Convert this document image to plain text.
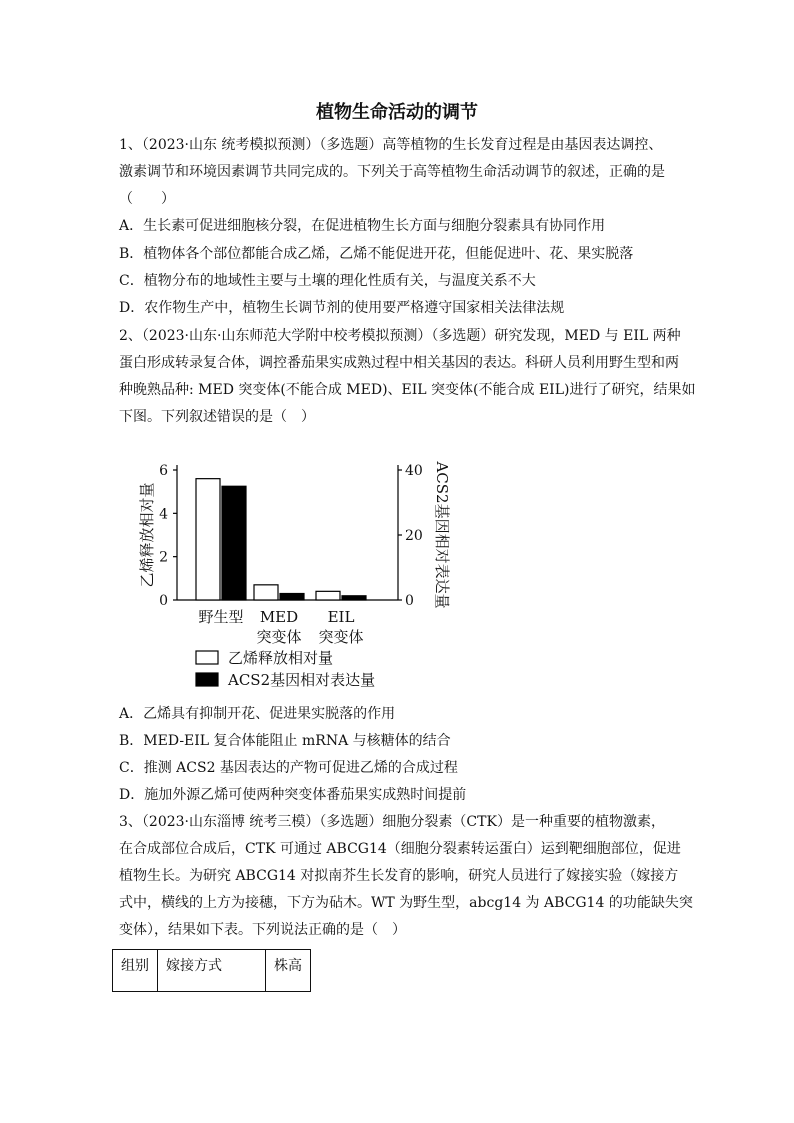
植物生命活动的调节
1、（2023·山东 统考模拟预测）（多选题）高等植物的生长发育过程是由基因表达调控、
激素调节和环境因素调节共同完成的。下列关于高等植物生命活动调节的叙述，正确的是
（　　）
A．生长素可促进细胞核分裂，在促进植物生长方面与细胞分裂素具有协同作用
B．植物体各个部位都能合成乙烯，乙烯不能促进开花，但能促进叶、花、果实脱落
C．植物分布的地域性主要与土壤的理化性质有关，与温度关系不大
D．农作物生产中，植物生长调节剂的使用要严格遵守国家相关法律法规
2、（2023·山东·山东师范大学附中校考模拟预测）（多选题）研究发现，MED 与 EIL 两种
蛋白形成转录复合体，调控番茄果实成熟过程中相关基因的表达。科研人员利用野生型和两
种晚熟品种: MED 突变体(不能合成 MED)、EIL 突变体(不能合成 EIL)进行了研究，结果如
下图。下列叙述错误的是（　）
0
2
4
6
0
20
40
野生型 MED
突变体
EIL
突变体
乙烯释放相对量	ACS2基因相对表达量
乙烯释放相对量
ACS2基因相对表达量
A．乙烯具有抑制开花、促进果实脱落的作用
B．MED-EIL 复合体能阻止 mRNA 与核糖体的结合
C．推测 ACS2 基因表达的产物可促进乙烯的合成过程
D．施加外源乙烯可使两种突变体番茄果实成熟时间提前
3、（2023·山东淄博 统考三模）（多选题）细胞分裂素（CTK）是一种重要的植物激素，
在合成部位合成后，CTK 可通过 ABCG14（细胞分裂素转运蛋白）运到靶细胞部位，促进
植物生长。为研究 ABCG14 对拟南芥生长发育的影响，研究人员进行了嫁接实验（嫁接方
式中，横线的上方为接穗，下方为砧木。WT 为野生型，abcg14 为 ABCG14 的功能缺失突
变体），结果如下表。下列说法正确的是（　）
组别	嫁接方式	株高
